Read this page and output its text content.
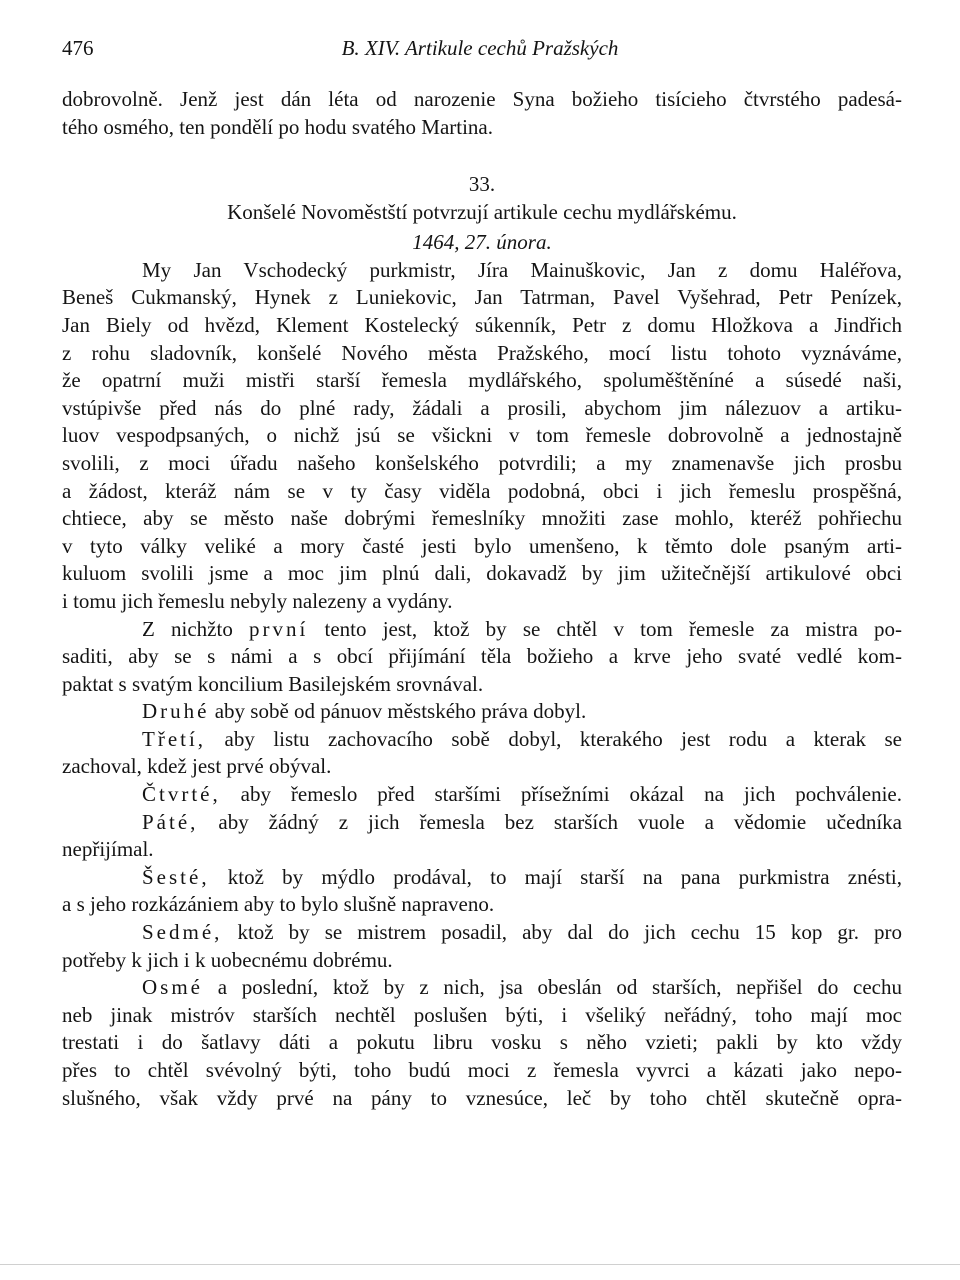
476	B. XIV. Artikule cechů Pražských
dobrovolně. Jenž jest dán léta od narozenie Syna božieho tisícieho čtvrstého padesá-
tého osmého, ten pondělí po hodu svatého Martina.
33.
Konšelé Novoměstští potvrzují artikule cechu mydlářskému.
1464, 27. února.
My Jan Vschodecký purkmistr, Jíra Mainuškovic, Jan z domu Haléřova,
Beneš Cukmanský, Hynek z Luniekovic, Jan Tatrman, Pavel Vyšehrad, Petr Penízek,
Jan Biely od hvězd, Klement Kostelecký súkenník, Petr z domu Hložkova a Jindřich
z rohu sladovník, konšelé Nového města Pražského, mocí listu tohoto vyznáváme,
že opatrní muži mistři starší řemesla mydlářského, spoluměštěníné a súsedé naši,
vstúpivše před nás do plné rady, žádali a prosili, abychom jim nálezuov a artiku-
luov vespodpsaných, o nichž jsú se všickni v tom řemesle dobrovolně a jednostajně
svolili, z moci úřadu našeho konšelského potvrdili; a my znamenavše jich prosbu
a žádost, kteráž nám se v ty časy viděla podobná, obci i jich řemeslu prospěšná,
chtiece, aby se město naše dobrými řemeslníky množiti zase mohlo, kteréž pohřiechu
v tyto války veliké a mory časté jesti bylo umenšeno, k těmto dole psaným arti-
kuluom svolili jsme a moc jim plnú dali, dokavadž by jim užitečnější artikulové obci
i tomu jich řemeslu nebyly nalezeny a vydány.
Z nichžto první tento jest, ktož by se chtěl v tom řemesle za mistra po-
saditi, aby se s námi a s obcí přijímání těla božieho a krve jeho svaté vedlé kom-
paktat s svatým koncilium Basilejském srovnával.
Druhé aby sobě od pánuov městského práva dobyl.
Třetí, aby listu zachovacího sobě dobyl, kterakého jest rodu a kterak se
zachoval, kdež jest prvé obýval.
Čtvrté, aby řemeslo před staršími přísežními okázal na jich pochválenie.
Páté, aby žádný z jich řemesla bez starších vuole a vědomie učedníka
nepřijímal.
Šesté, ktož by mýdlo prodával, to mají starší na pana purkmistra znésti,
a s jeho rozkázániem aby to bylo slušně napraveno.
Sedmé, ktož by se mistrem posadil, aby dal do jich cechu 15 kop gr. pro
potřeby k jich i k uobecnému dobrému.
Osmé a poslední, ktož by z nich, jsa obeslán od starších, nepřišel do cechu
neb jinak mistróv starších nechtěl poslušen býti, i všeliký neřádný, toho mají moc
trestati i do šatlavy dáti a pokutu libru vosku s něho vzieti; pakli by kto vždy
přes to chtěl svévolný býti, toho budú moci z řemesla vyvrci a kázati jako nepo-
slušného, však vždy prvé na pány to vznesúce, leč by toho chtěl skutečně opra-
